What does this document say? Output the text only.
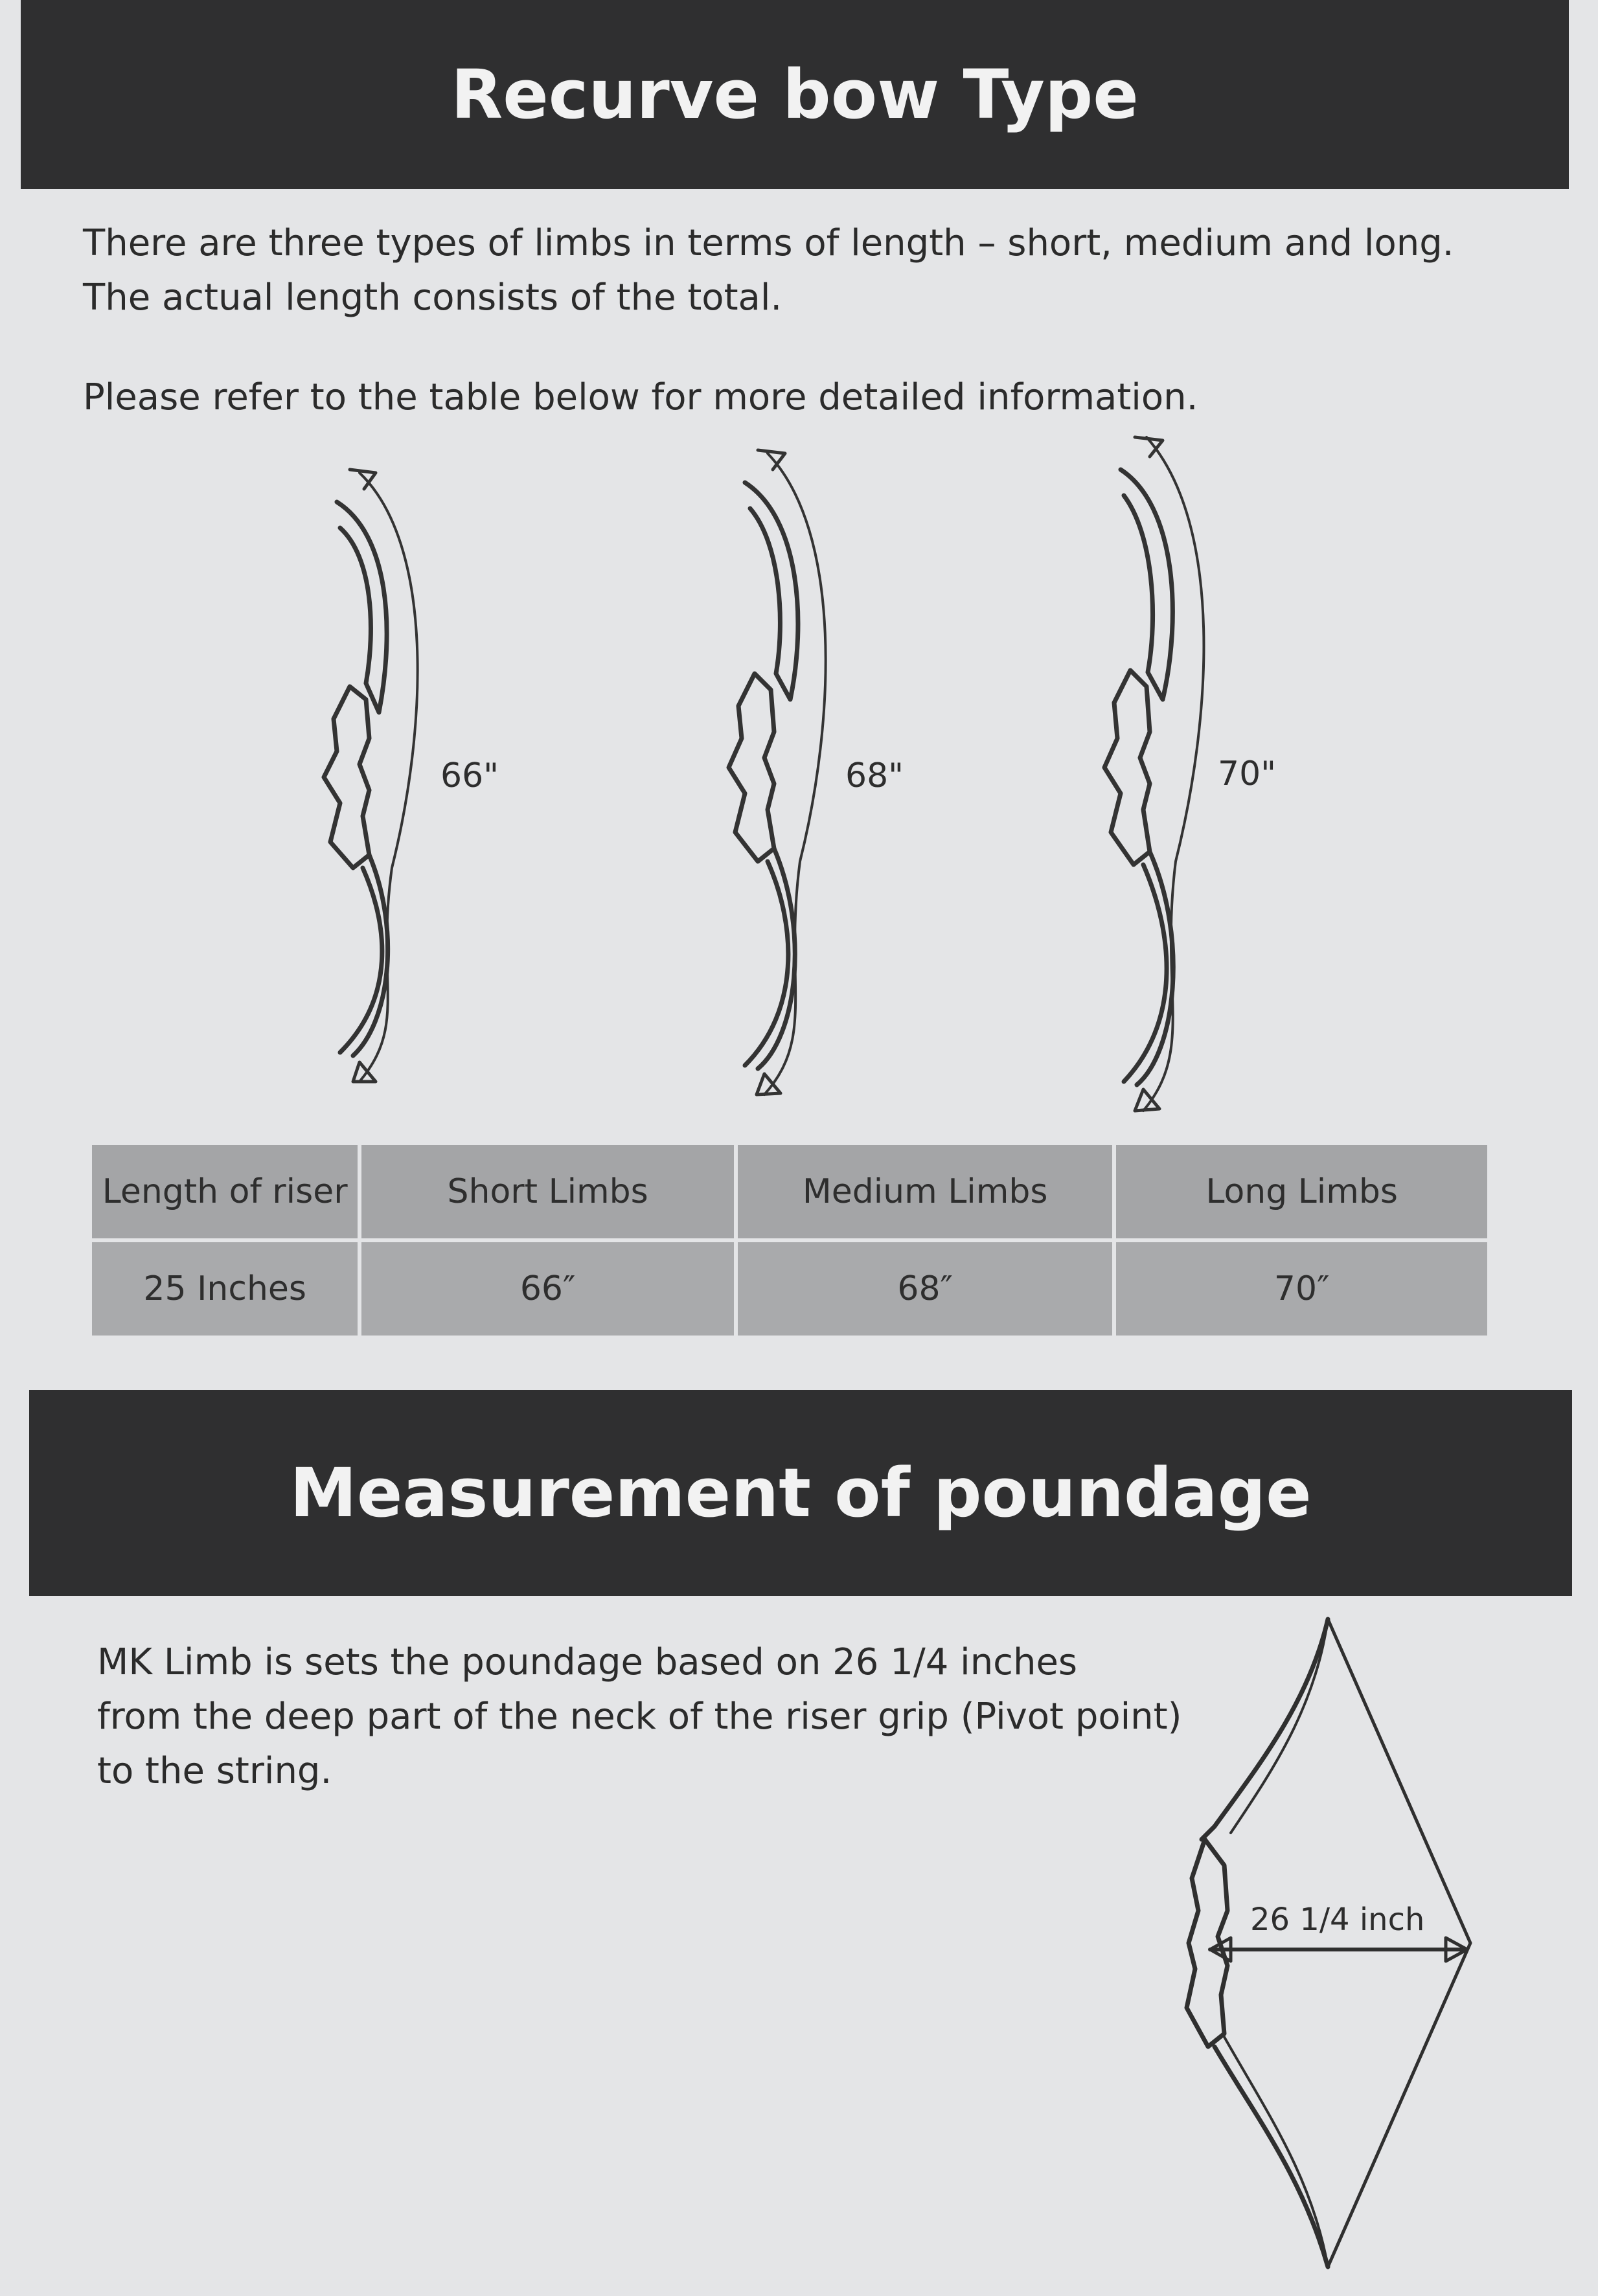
Recurve bow Type
There are three types of limbs in terms of length – short, medium and long.
The actual length consists of the total.
Please refer to the table below for more detailed information.
66"	68"	70"
Length of riser	Short Limbs	Medium Limbs	Long Limbs
25 Inches	66″	68″	70″
Measurement of poundage
MK Limb is sets the poundage based on 26 1/4 inches
from the deep part of the neck of the riser grip (Pivot point)
to the string.
26 1/4 inch
